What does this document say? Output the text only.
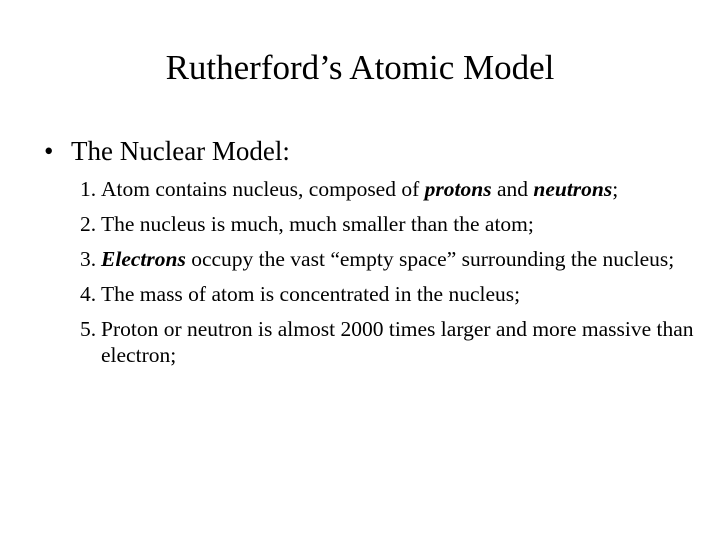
Rutherford’s Atomic Model
• The Nuclear Model:
1. Atom contains nucleus, composed of protons and neutrons;
2. The nucleus is much, much smaller than the atom;
3. Electrons occupy the vast “empty space” surrounding the nucleus;
4. The mass of atom is concentrated in the nucleus;
5. Proton or neutron is almost 2000 times larger and more massive than electron;
